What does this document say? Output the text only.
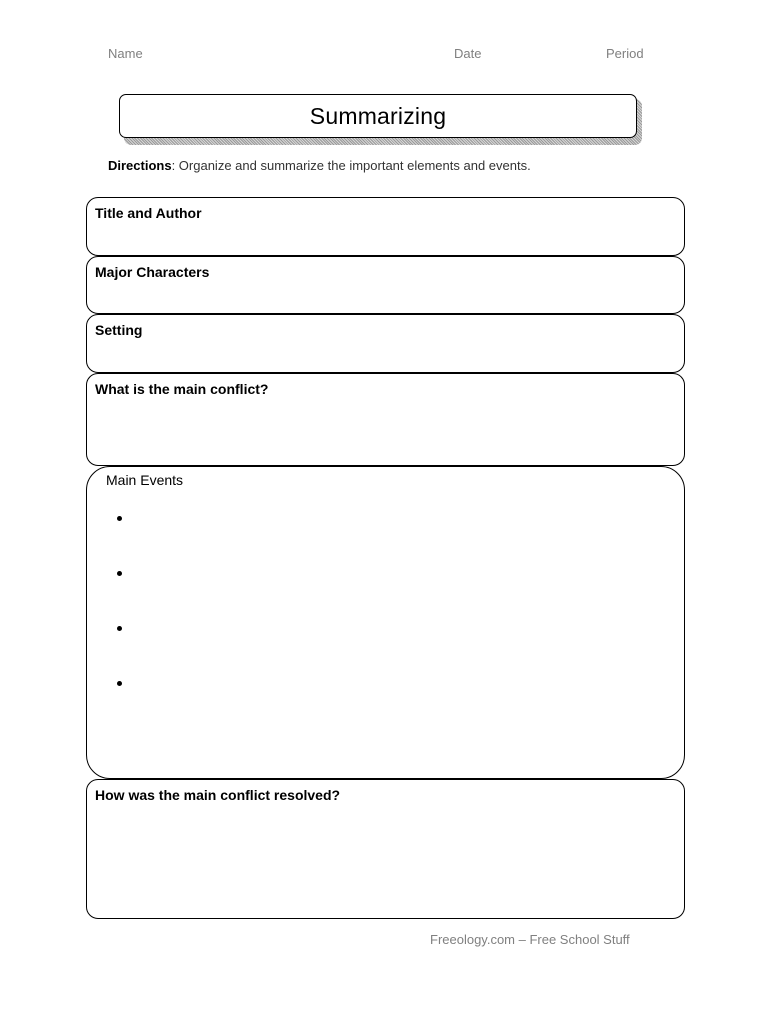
Name	Date	Period
Summarizing
Directions: Organize and summarize the important elements and events.
Title and Author
Major Characters
Setting
What is the main conflict?
Main Events
How was the main conflict resolved?
Freeology.com – Free School Stuff
